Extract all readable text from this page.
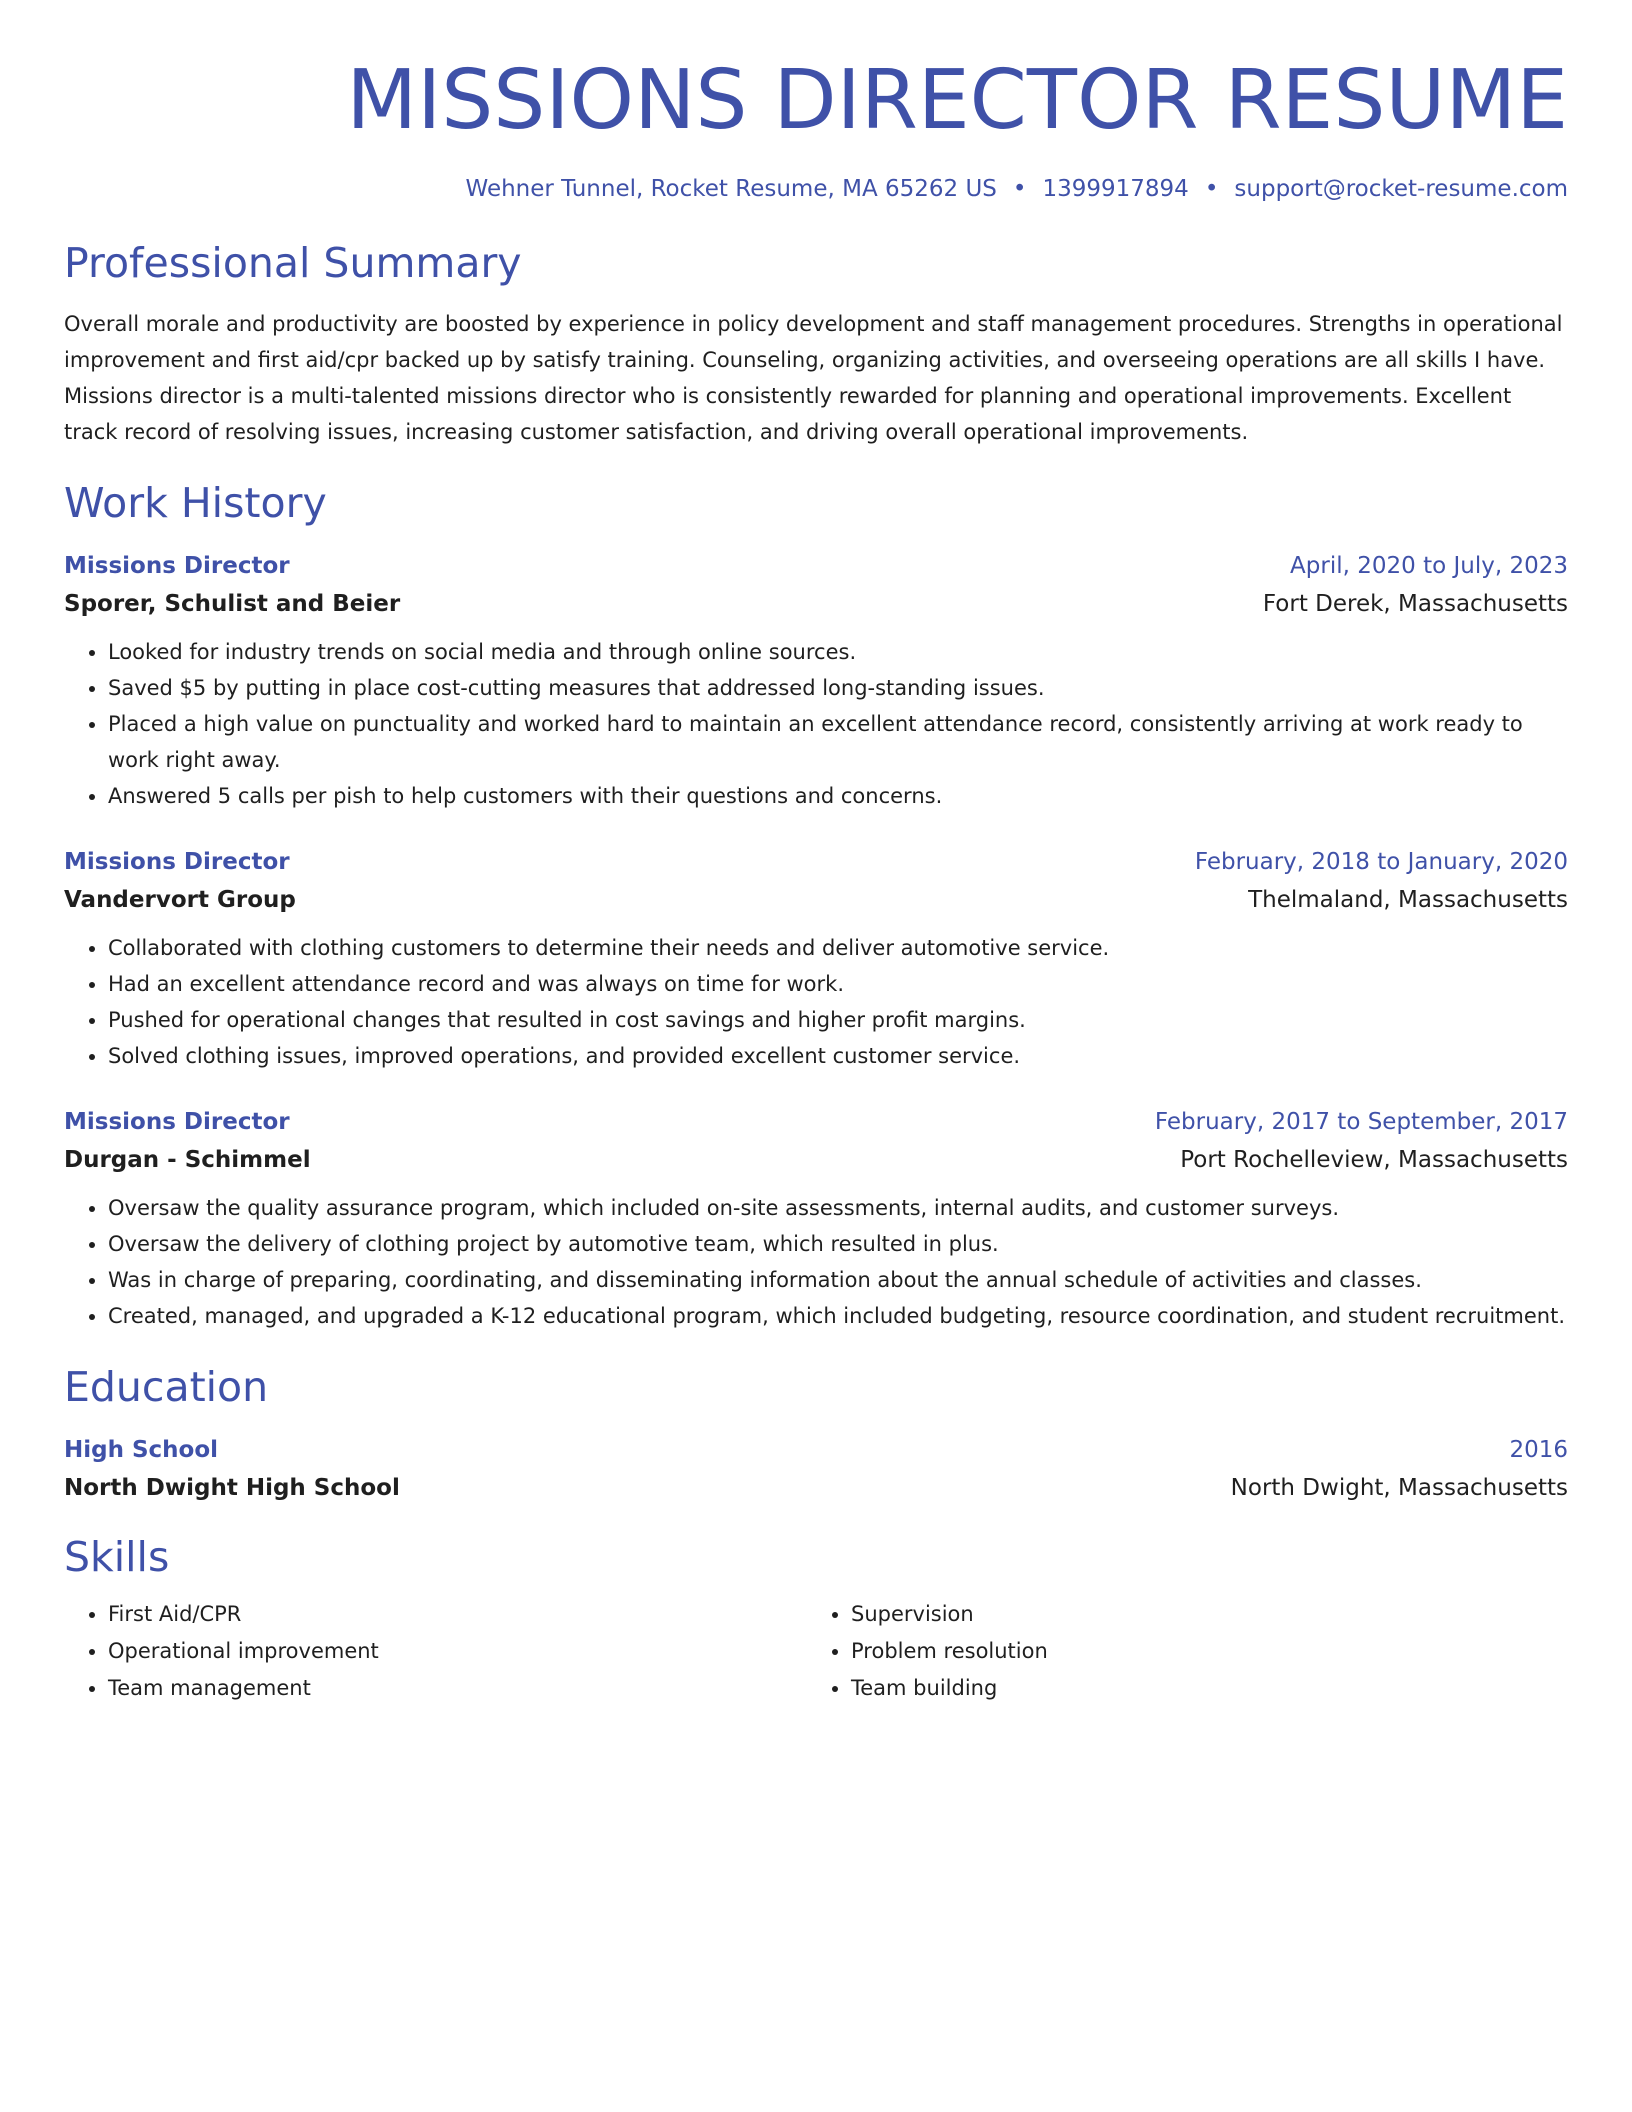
MISSIONS DIRECTOR RESUME
Wehner Tunnel, Rocket Resume, MA 65262 US • 1399917894 • support@rocket-resume.com
Professional Summary
Overall morale and productivity are boosted by experience in policy development and staff management procedures. Strengths in operational improvement and first aid/cpr backed up by satisfy training. Counseling, organizing activities, and overseeing operations are all skills I have. Missions director is a multi-talented missions director who is consistently rewarded for planning and operational improvements. Excellent track record of resolving issues, increasing customer satisfaction, and driving overall operational improvements.
Work History
Missions Director	April, 2020 to July, 2023
Sporer, Schulist and Beier	Fort Derek, Massachusetts
• Looked for industry trends on social media and through online sources.
• Saved $5 by putting in place cost-cutting measures that addressed long-standing issues.
• Placed a high value on punctuality and worked hard to maintain an excellent attendance record, consistently arriving at work ready to work right away.
• Answered 5 calls per pish to help customers with their questions and concerns.
Missions Director	February, 2018 to January, 2020
Vandervort Group	Thelmaland, Massachusetts
• Collaborated with clothing customers to determine their needs and deliver automotive service.
• Had an excellent attendance record and was always on time for work.
• Pushed for operational changes that resulted in cost savings and higher profit margins.
• Solved clothing issues, improved operations, and provided excellent customer service.
Missions Director	February, 2017 to September, 2017
Durgan - Schimmel	Port Rochelleview, Massachusetts
• Oversaw the quality assurance program, which included on-site assessments, internal audits, and customer surveys.
• Oversaw the delivery of clothing project by automotive team, which resulted in plus.
• Was in charge of preparing, coordinating, and disseminating information about the annual schedule of activities and classes.
• Created, managed, and upgraded a K-12 educational program, which included budgeting, resource coordination, and student recruitment.
Education
High School	2016
North Dwight High School	North Dwight, Massachusetts
Skills
• First Aid/CPR
• Operational improvement
• Team management
• Supervision
• Problem resolution
• Team building
